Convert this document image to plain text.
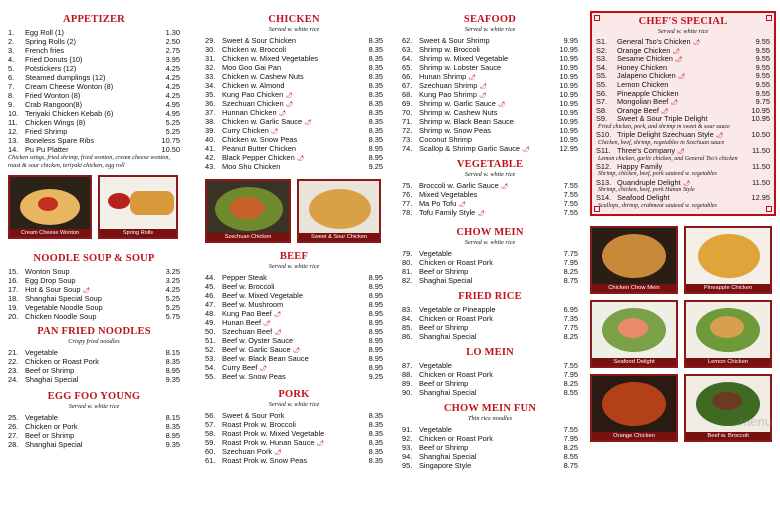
APPETIZER
1.	Egg Roll (1)	1.30
2.	Spring Rolls (2)	2.50
3.	French fries	2.75
4.	Fried Donuts (10)	3.95
5.	Potstickers (12)	4.25
6.	Steamed dumplings (12)	4.25
7.	Cream Cheese Wonton (8)	4.25
8.	Fried Wonton (8)	4.25
9.	Crab Rangoon(8)	4.95
10. Teriyaki Chicken Kebab (6)	4.95
11. Chicken Wings (8)	5.25
12. Fried Shrimp	5.25
13. Boneless Spare Ribs	10.75
14. Pu Pu Platter	10.50
Chicken wings, fried shrimp, fried wonton, cream cheese wonton, roast & sour chicken, teriyaki chicken, egg roll
Cream Cheese Wonton	Spring Rolls
NOODLE SOUP & SOUP
15. Wonton Soup	3.25
16. Egg Drop Soup	3.25
17. Hot & Sour Soup 🌶	4.25
18. Shanghai Special Soup	5.25
19. Vegetable Noodle Soup	5.25
20. Chicken Noodle Soup	5.75
PAN FRIED NOODLES
Crispy fried noodles
21. Vegetable	8.15
22. Chicken or Roast Pork	8.35
23. Beef or Shrimp	8.95
24. Shaghai Special	9.35
EGG FOO YOUNG
Served w. white rice
25. Vegetable	8.15
26. Chicken or Pork	8.35
27. Beef or Shrimp	8.95
28. Shanghai Special	9.35
CHICKEN
Served w. white rice
29. Sweet & Sour Chicken	8.35
30. Chicken w. Broccoli	8.35
31. Chicken w. Mixed Vegetables	8.35
32. Moo Goo Gai Pan	8.35
33. Chicken w. Cashew Nuts	8.35
34. Chicken w. Almond	8.35
35. Kung Pao Chicken 🌶	8.35
36. Szechuan Chicken 🌶	8.35
37. Hunnan Chicken 🌶	8.35
38. Chicken w. Garlic Sauce 🌶	8.35
39. Curry Chicken 🌶	8.35
40. Chicken w. Snow Peas	8.35
41. Peanut Butter Chicken	8.95
42. Black Pepper Chicken 🌶	8.95
43. Moo Shu Chicken	9.25
Szechuan Chicken	Sweet & Sour Chicken
BEEF
Served w. white rice
44. Pepper Steak	8.95
45. Beef w. Broccoli	8.95
46. Beef w. Mixed Vegetable	8.95
47. Beef w. Mushroom	8.95
48. Kung Pao Beef 🌶	8.95
49. Hunan Beef 🌶	8.95
50. Szechuan Beef 🌶	8.95
51. Beef w. Oyster Sauce	8.95
52. Beef w. Garlic Sauce 🌶	8.95
53. Beef w. Black Bean Sauce	8.95
54. Curry Beef 🌶	8.95
55. Beef w. Snow Peas	9.25
PORK
Served w. white rice
56. Sweet & Sour Pork	8.35
57. Roast Prok w. Broccoli	8.35
58. Roast Prok w. Mixed Vegetable	8.35
59. Roast Prok w. Hunan Sauce 🌶	8.35
60. Szechuan Pork 🌶	8.35
61. Roast Prok w. Snow Peas	8.35
SEAFOOD
Served w. white rice
62. Sweet & Sour Shrimp	9.95
63. Shrimp w. Broccoli	10.95
64. Shrimp w. Mixed Vegetable	10.95
65. Shrimp w. Lobster Sauce	10.95
66. Hunan Shrimp 🌶	10.95
67. Szechuan Shrimp 🌶	10.95
68. Kung Pao Shrimp 🌶	10.95
69. Shrimp w. Garlic Sauce 🌶	10.95
70. Shrimp w. Cashew Nuts	10.95
71. Shrimp w. Black Bean Sauce	10.95
72. Shrimp w. Snow Peas	10.95
73. Coconut Shrimp	10.95
74. Scallop & Shrimp Garlic Sauce 🌶	12.95
VEGETABLE
Served w. white rice
75. Broccoli w. Garlic Sauce 🌶	7.55
76. Mixed Vegetables	7.55
77. Ma Po Tofu 🌶	7.55
78. Tofu Family Style 🌶	7.55
CHOW MEIN
Served w. white rice
79. Vegetable	7.75
80. Chicken or Roast Pork	7.95
81. Beef or Shrimp	8.25
82. Shaghai Special	8.75
FRIED RICE
83. Vegetable or Pineapple	6.95
84. Chicken or Roast Pork	7.35
85. Beef or Shrimp	7.75
86. Shanghai Special	8.25
LO MEIN
87. Vegetable	7.55
88. Chicken or Roast Pork	7.95
89. Beef or Shrimp	8.25
90. Shanghai Special	8.55
CHOW MEIN FUN
Thin rice noodles
91. Vegetable	7.55
92. Chicken or Roast Pork	7.95
93. Beef or Shrimp	8.25
94. Shanghai Special	8.55
95. Singapore Style	8.75
CHEF'S SPECIAL
Served w. white rice
S1.	General Tso's Chicken 🌶	9.55
S2.	Orange Chicken 🌶	9.55
S3.	Sesame Chicken 🌶	9.55
S4.	Honey Chicken	9.55
S5.	Jalapeno Chicken 🌶	9.55
S5.	Lemon Chicken	9.55
S6.	Pineapple Chicken	9.55
S7.	Mongolian Beef 🌶	9.75
S8.	Orange Beef 🌶	10.95
S9.	Sweet & Sour Triple Delight	10.95
Fried chicken, pork, and shrimp in sweet & sour sauce
S10. Triple Delight Szechuan Style 🌶	10.50
Chicken, beef, shrimp, vegetables in Szechuan sauce
S11. Three's Company 🌶	11.50
Lemon chicken, garlic chicken, and General Tso's chicken
S12. Happy Family	11.50
Shrimp, chicken, beef, pork sauteed w. vegetables
S13. Quandruple Delight 🌶	11.50
Shrimp, chicken, beef, pork Hunan Style
S14. Seafood Delight	12.95
Scallops, shrimp, crabmeat sauteed w. vegetables
Chicken Chow Mein	Pineapple Chicken
Seafood Delight	Lemon Chicken
Orange Chicken	Beef w. Broccoli
menu
